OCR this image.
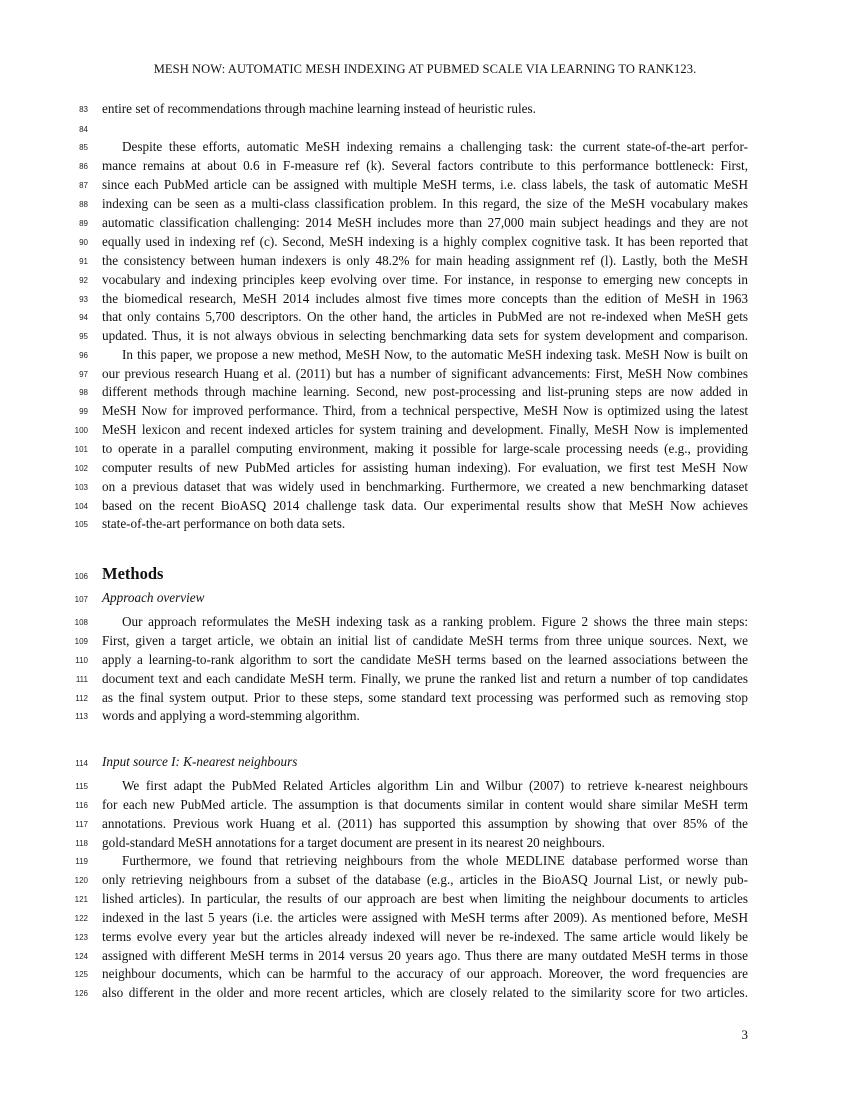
MESH NOW: AUTOMATIC MESH INDEXING AT PUBMED SCALE VIA LEARNING TO RANK123.
83 entire set of recommendations through machine learning instead of heuristic rules.
84
85	Despite these efforts, automatic MeSH indexing remains a challenging task: the current state-of-the-art perfor-
86 mance remains at about 0.6 in F-measure ref (k). Several factors contribute to this performance bottleneck: First,
87 since each PubMed article can be assigned with multiple MeSH terms, i.e. class labels, the task of automatic MeSH
88 indexing can be seen as a multi-class classification problem. In this regard, the size of the MeSH vocabulary makes
89 automatic classification challenging: 2014 MeSH includes more than 27,000 main subject headings and they are not
90 equally used in indexing ref (c). Second, MeSH indexing is a highly complex cognitive task. It has been reported that
91 the consistency between human indexers is only 48.2% for main heading assignment ref (l). Lastly, both the MeSH
92 vocabulary and indexing principles keep evolving over time. For instance, in response to emerging new concepts in
93 the biomedical research, MeSH 2014 includes almost five times more concepts than the edition of MeSH in 1963
94 that only contains 5,700 descriptors. On the other hand, the articles in PubMed are not re-indexed when MeSH gets
95 updated. Thus, it is not always obvious in selecting benchmarking data sets for system development and comparison.
96	In this paper, we propose a new method, MeSH Now, to the automatic MeSH indexing task. MeSH Now is built on
97 our previous research Huang et al. (2011) but has a number of significant advancements: First, MeSH Now combines
98 different methods through machine learning. Second, new post-processing and list-pruning steps are now added in
99 MeSH Now for improved performance. Third, from a technical perspective, MeSH Now is optimized using the latest
100 MeSH lexicon and recent indexed articles for system training and development. Finally, MeSH Now is implemented
101 to operate in a parallel computing environment, making it possible for large-scale processing needs (e.g., providing
102 computer results of new PubMed articles for assisting human indexing). For evaluation, we first test MeSH Now
103 on a previous dataset that was widely used in benchmarking. Furthermore, we created a new benchmarking dataset
104 based on the recent BioASQ 2014 challenge task data. Our experimental results show that MeSH Now achieves
105 state-of-the-art performance on both data sets.
108	Our approach reformulates the MeSH indexing task as a ranking problem. Figure 2 shows the three main steps:
109 First, given a target article, we obtain an initial list of candidate MeSH terms from three unique sources. Next, we
110 apply a learning-to-rank algorithm to sort the candidate MeSH terms based on the learned associations between the
111 document text and each candidate MeSH term. Finally, we prune the ranked list and return a number of top candidates
112 as the final system output. Prior to these steps, some standard text processing was performed such as removing stop
113 words and applying a word-stemming algorithm.
115	We first adapt the PubMed Related Articles algorithm Lin and Wilbur (2007) to retrieve k-nearest neighbours
116 for each new PubMed article. The assumption is that documents similar in content would share similar MeSH term
117 annotations. Previous work Huang et al. (2011) has supported this assumption by showing that over 85% of the
118 gold-standard MeSH annotations for a target document are present in its nearest 20 neighbours.
119	Furthermore, we found that retrieving neighbours from the whole MEDLINE database performed worse than
120 only retrieving neighbours from a subset of the database (e.g., articles in the BioASQ Journal List, or newly pub-
121 lished articles). In particular, the results of our approach are best when limiting the neighbour documents to articles
122 indexed in the last 5 years (i.e. the articles were assigned with MeSH terms after 2009). As mentioned before, MeSH
123 terms evolve every year but the articles already indexed will never be re-indexed. The same article would likely be
124 assigned with different MeSH terms in 2014 versus 20 years ago. Thus there are many outdated MeSH terms in those
125 neighbour documents, which can be harmful to the accuracy of our approach. Moreover, the word frequencies are
126 also different in the older and more recent articles, which are closely related to the similarity score for two articles.
106 Methods
107 Approach overview
114 Input source I: K-nearest neighbours
3
